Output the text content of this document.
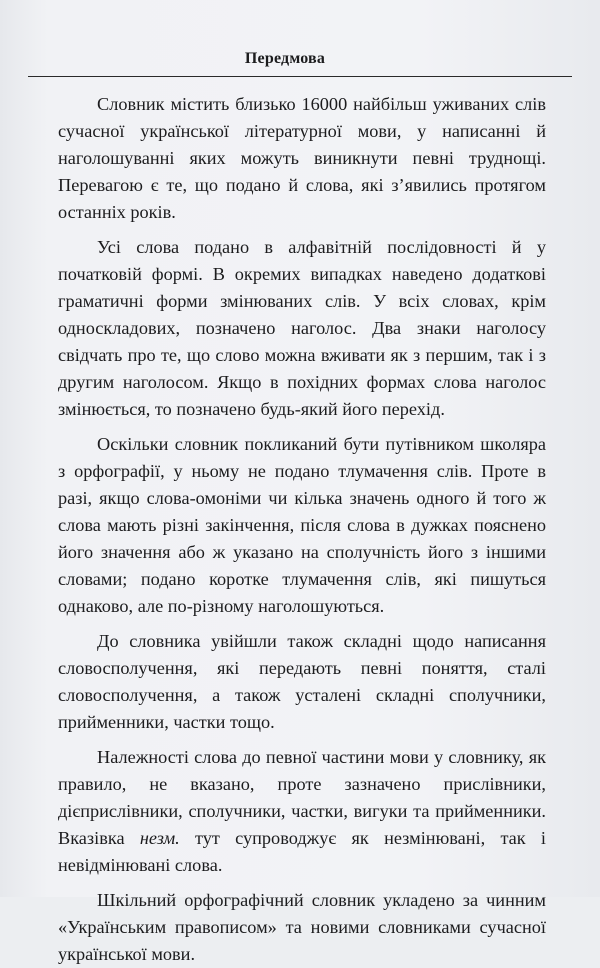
Передмова

Словник містить близько 16000 найбільш уживаних слів сучасної української літературної мови, у написанні й наголошуванні яких можуть виникнути певні труднощі. Перевагою є те, що подано й слова, які з’явились протягом останніх років.

Усі слова подано в алфавітній послідовності й у початковій формі. В окремих випадках наведено додаткові граматичні форми змінюваних слів. У всіх словах, крім односкладових, позначено наголос. Два знаки наголосу свідчать про те, що слово можна вживати як з першим, так і з другим наголосом. Якщо в похідних формах слова наголос змінюється, то позначено будь-який його перехід.

Оскільки словник покликаний бути путівником школяра з орфографії, у ньому не подано тлумачення слів. Проте в разі, якщо слова-омоніми чи кілька значень одного й того ж слова мають різні закінчення, після слова в дужках пояснено його значення або ж указано на сполучність його з іншими словами; подано коротке тлумачення слів, які пишуться однаково, але по-різному наголошуються.

До словника увійшли також складні щодо написання словосполучення, які передають певні поняття, сталі словосполучення, а також усталені складні сполучники, прийменники, частки тощо.

Належності слова до певної частини мови у словнику, як правило, не вказано, проте зазначено прислівники, дієприслівники, сполучники, частки, вигуки та прийменники. Вказівка незм. тут супроводжує як незмінювані, так і невідмінювані слова.

Шкільний орфографічний словник укладено за чинним «Українським правописом» та новими словниками сучасної української мови.
